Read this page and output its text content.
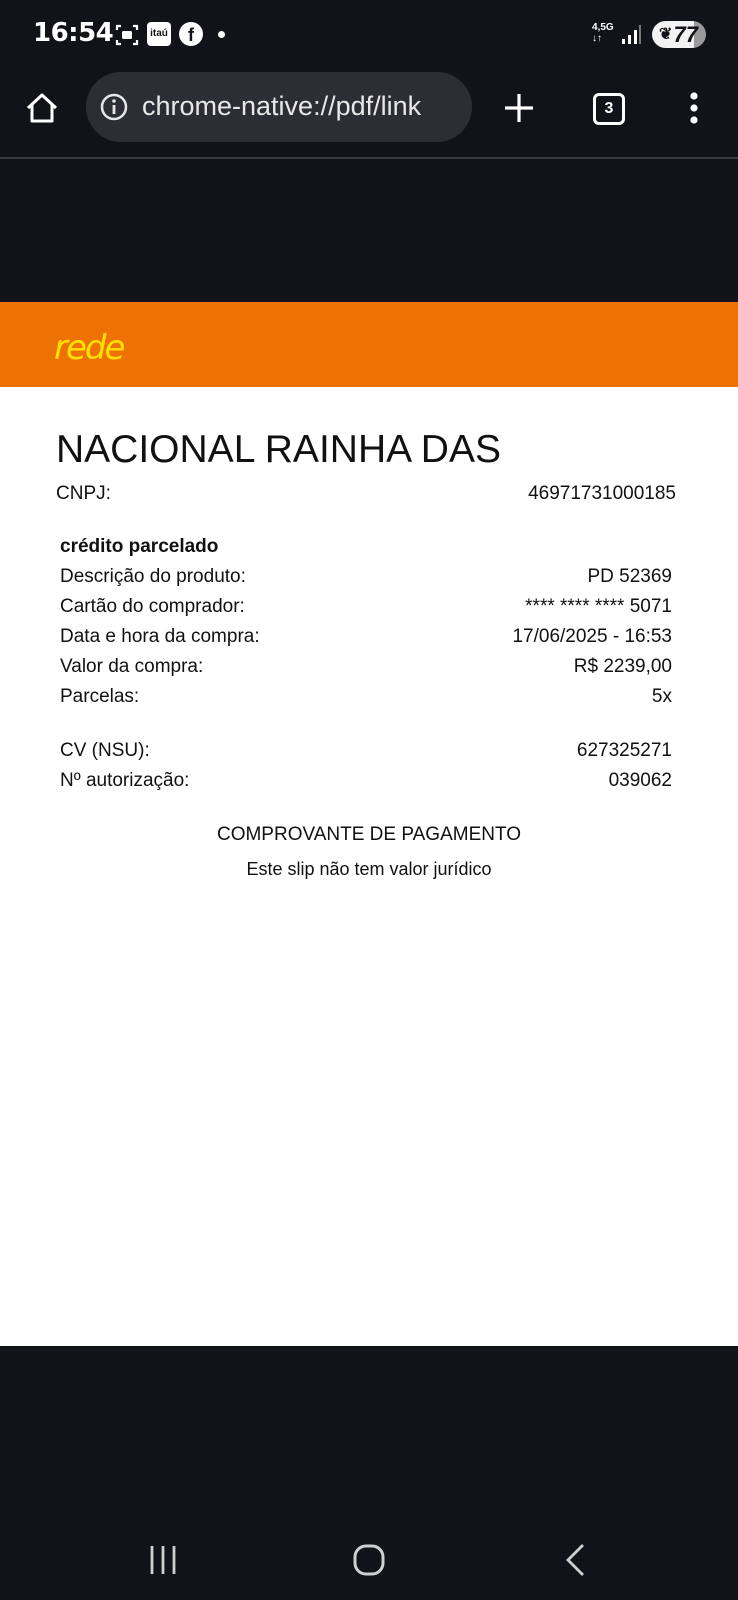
16:54	itaú	f	4,5G
↓↑	❦ 77
chrome-native://pdf/link	3
rede
NACIONAL RAINHA DAS
CNPJ:	46971731000185
crédito parcelado
Descrição do produto:	PD 52369
Cartão do comprador:	**** **** **** 5071
Data e hora da compra:	17/06/2025 - 16:53
Valor da compra:	R$ 2239,00
Parcelas:	5x
CV (NSU):	627325271
Nº autorização:	039062
COMPROVANTE DE PAGAMENTO
Este slip não tem valor jurídico
